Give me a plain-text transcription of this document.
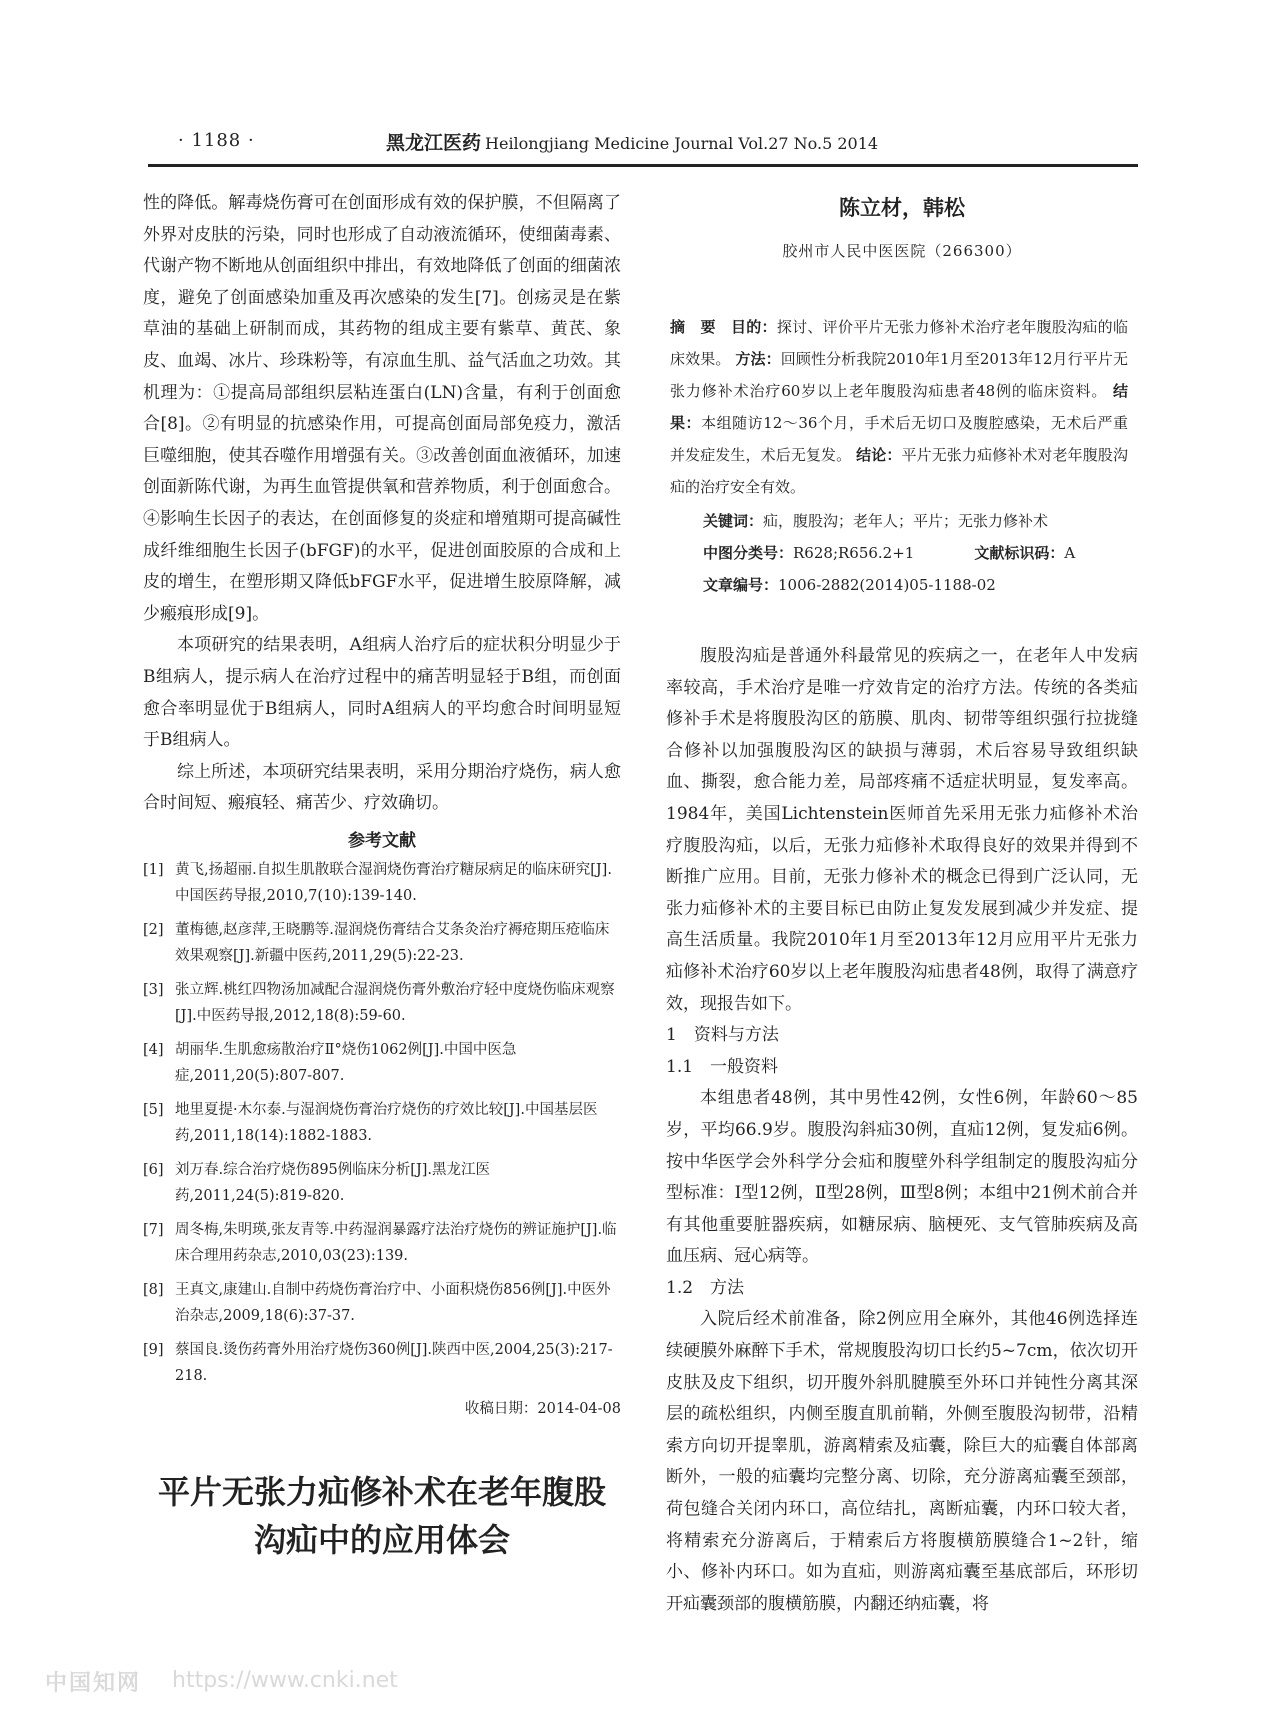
· 1188 ·	黑龙江医药 Heilongjiang Medicine Journal Vol.27 No.5 2014

性的降低。解毒烧伤膏可在创面形成有效的保护膜，不但隔离了外界对皮肤的污染，同时也形成了自动液流循环，使细菌毒素、代谢产物不断地从创面组织中排出，有效地降低了创面的细菌浓度，避免了创面感染加重及再次感染的发生[7]。创疡灵是在紫草油的基础上研制而成，其药物的组成主要有紫草、黄芪、象皮、血竭、冰片、珍珠粉等，有凉血生肌、益气活血之功效。其机理为：①提高局部组织层粘连蛋白(LN)含量，有利于创面愈合[8]。②有明显的抗感染作用，可提高创面局部免疫力，激活巨噬细胞，使其吞噬作用增强有关。③改善创面血液循环，加速创面新陈代谢，为再生血管提供氧和营养物质，利于创面愈合。④影响生长因子的表达，在创面修复的炎症和增殖期可提高碱性成纤维细胞生长因子(bFGF)的水平，促进创面胶原的合成和上皮的增生，在塑形期又降低bFGF水平，促进增生胶原降解，减少瘢痕形成[9]。

本项研究的结果表明，A组病人治疗后的症状积分明显少于B组病人，提示病人在治疗过程中的痛苦明显轻于B组，而创面愈合率明显优于B组病人，同时A组病人的平均愈合时间明显短于B组病人。

综上所述，本项研究结果表明，采用分期治疗烧伤，病人愈合时间短、瘢痕轻、痛苦少、疗效确切。

参考文献
[1] 黄飞,扬超丽.自拟生肌散联合湿润烧伤膏治疗糖尿病足的临床研究[J].中国医药导报,2010,7(10):139-140.
[2] 董梅德,赵彦萍,王晓鹏等.湿润烧伤膏结合艾条灸治疗褥疮期压疮临床效果观察[J].新疆中医药,2011,29(5):22-23.
[3] 张立辉.桃红四物汤加减配合湿润烧伤膏外敷治疗轻中度烧伤临床观察[J].中医药导报,2012,18(8):59-60.
[4] 胡丽华.生肌愈疡散治疗Ⅱ°烧伤1062例[J].中国中医急症,2011,20(5):807-807.
[5] 地里夏提·木尔泰.与湿润烧伤膏治疗烧伤的疗效比较[J].中国基层医药,2011,18(14):1882-1883.
[6] 刘万春.综合治疗烧伤895例临床分析[J].黑龙江医药,2011,24(5):819-820.
[7] 周冬梅,朱明瑛,张友青等.中药湿润暴露疗法治疗烧伤的辨证施护[J].临床合理用药杂志,2010,03(23):139.
[8] 王真文,康建山.自制中药烧伤膏治疗中、小面积烧伤856例[J].中医外治杂志,2009,18(6):37-37.
[9] 蔡国良.烫伤药膏外用治疗烧伤360例[J].陕西中医,2004,25(3):217-218.
收稿日期：2014-04-08
平片无张力疝修补术在老年腹股沟疝中的应用体会
陈立材，韩松
胶州市人民中医医院（266300）
摘　要 目的：探讨、评价平片无张力修补术治疗老年腹股沟疝的临床效果。 方法：回顾性分析我院2010年1月至2013年12月行平片无张力修补术治疗60岁以上老年腹股沟疝患者48例的临床资料。 结果：本组随访12～36个月，手术后无切口及腹腔感染，无术后严重并发症发生，术后无复发。 结论：平片无张力疝修补术对老年腹股沟疝的治疗安全有效。
关键词：疝，腹股沟；老年人；平片；无张力修补术
中图分类号：R628;R656.2+1	文献标识码：A
文章编号：1006-2882(2014)05-1188-02

腹股沟疝是普通外科最常见的疾病之一，在老年人中发病率较高，手术治疗是唯一疗效肯定的治疗方法。传统的各类疝修补手术是将腹股沟区的筋膜、肌肉、韧带等组织强行拉拢缝合修补以加强腹股沟区的缺损与薄弱，术后容易导致组织缺血、撕裂，愈合能力差，局部疼痛不适症状明显，复发率高。1984年，美国Lichtenstein医师首先采用无张力疝修补术治疗腹股沟疝，以后，无张力疝修补术取得良好的效果并得到不断推广应用。目前，无张力修补术的概念已得到广泛认同，无张力疝修补术的主要目标已由防止复发发展到减少并发症、提高生活质量。我院2010年1月至2013年12月应用平片无张力疝修补术治疗60岁以上老年腹股沟疝患者48例，取得了满意疗效，现报告如下。

1　资料与方法
1.1　一般资料

本组患者48例，其中男性42例，女性6例，年龄60～85岁，平均66.9岁。腹股沟斜疝30例，直疝12例，复发疝6例。按中华医学会外科学分会疝和腹壁外科学组制定的腹股沟疝分型标准：Ⅰ型12例，Ⅱ型28例，Ⅲ型8例；本组中21例术前合并有其他重要脏器疾病，如糖尿病、脑梗死、支气管肺疾病及高血压病、冠心病等。

1.2　方法

入院后经术前准备，除2例应用全麻外，其他46例选择连续硬膜外麻醉下手术，常规腹股沟切口长约5~7cm，依次切开皮肤及皮下组织，切开腹外斜肌腱膜至外环口并钝性分离其深层的疏松组织，内侧至腹直肌前鞘，外侧至腹股沟韧带，沿精索方向切开提睾肌，游离精索及疝囊，除巨大的疝囊自体部离断外，一般的疝囊均完整分离、切除，充分游离疝囊至颈部，荷包缝合关闭内环口，高位结扎，离断疝囊，内环口较大者，将精索充分游离后，于精索后方将腹横筋膜缝合1~2针，缩小、修补内环口。如为直疝，则游离疝囊至基底部后，环形切开疝囊颈部的腹横筋膜，内翻还纳疝囊，将

中国知网 https://www.cnki.net
